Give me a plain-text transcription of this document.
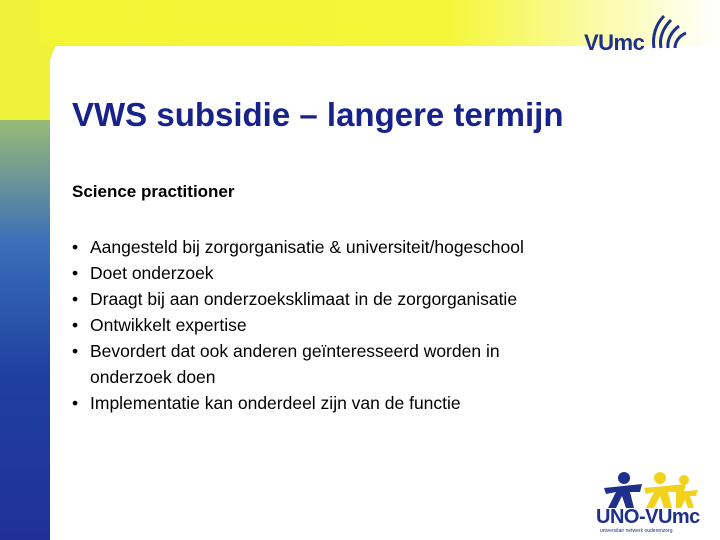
VUmc
VWS subsidie – langere termijn
Science practitioner
• Aangesteld bij zorgorganisatie & universiteit/hogeschool
• Doet onderzoek
• Draagt bij aan onderzoeksklimaat in de zorgorganisatie
• Ontwikkelt expertise
• Bevordert dat ook anderen geïnteresseerd worden in onderzoek doen
• Implementatie kan onderdeel zijn van de functie
UNO-VUmc
universitair netwerk ouderenzorg
